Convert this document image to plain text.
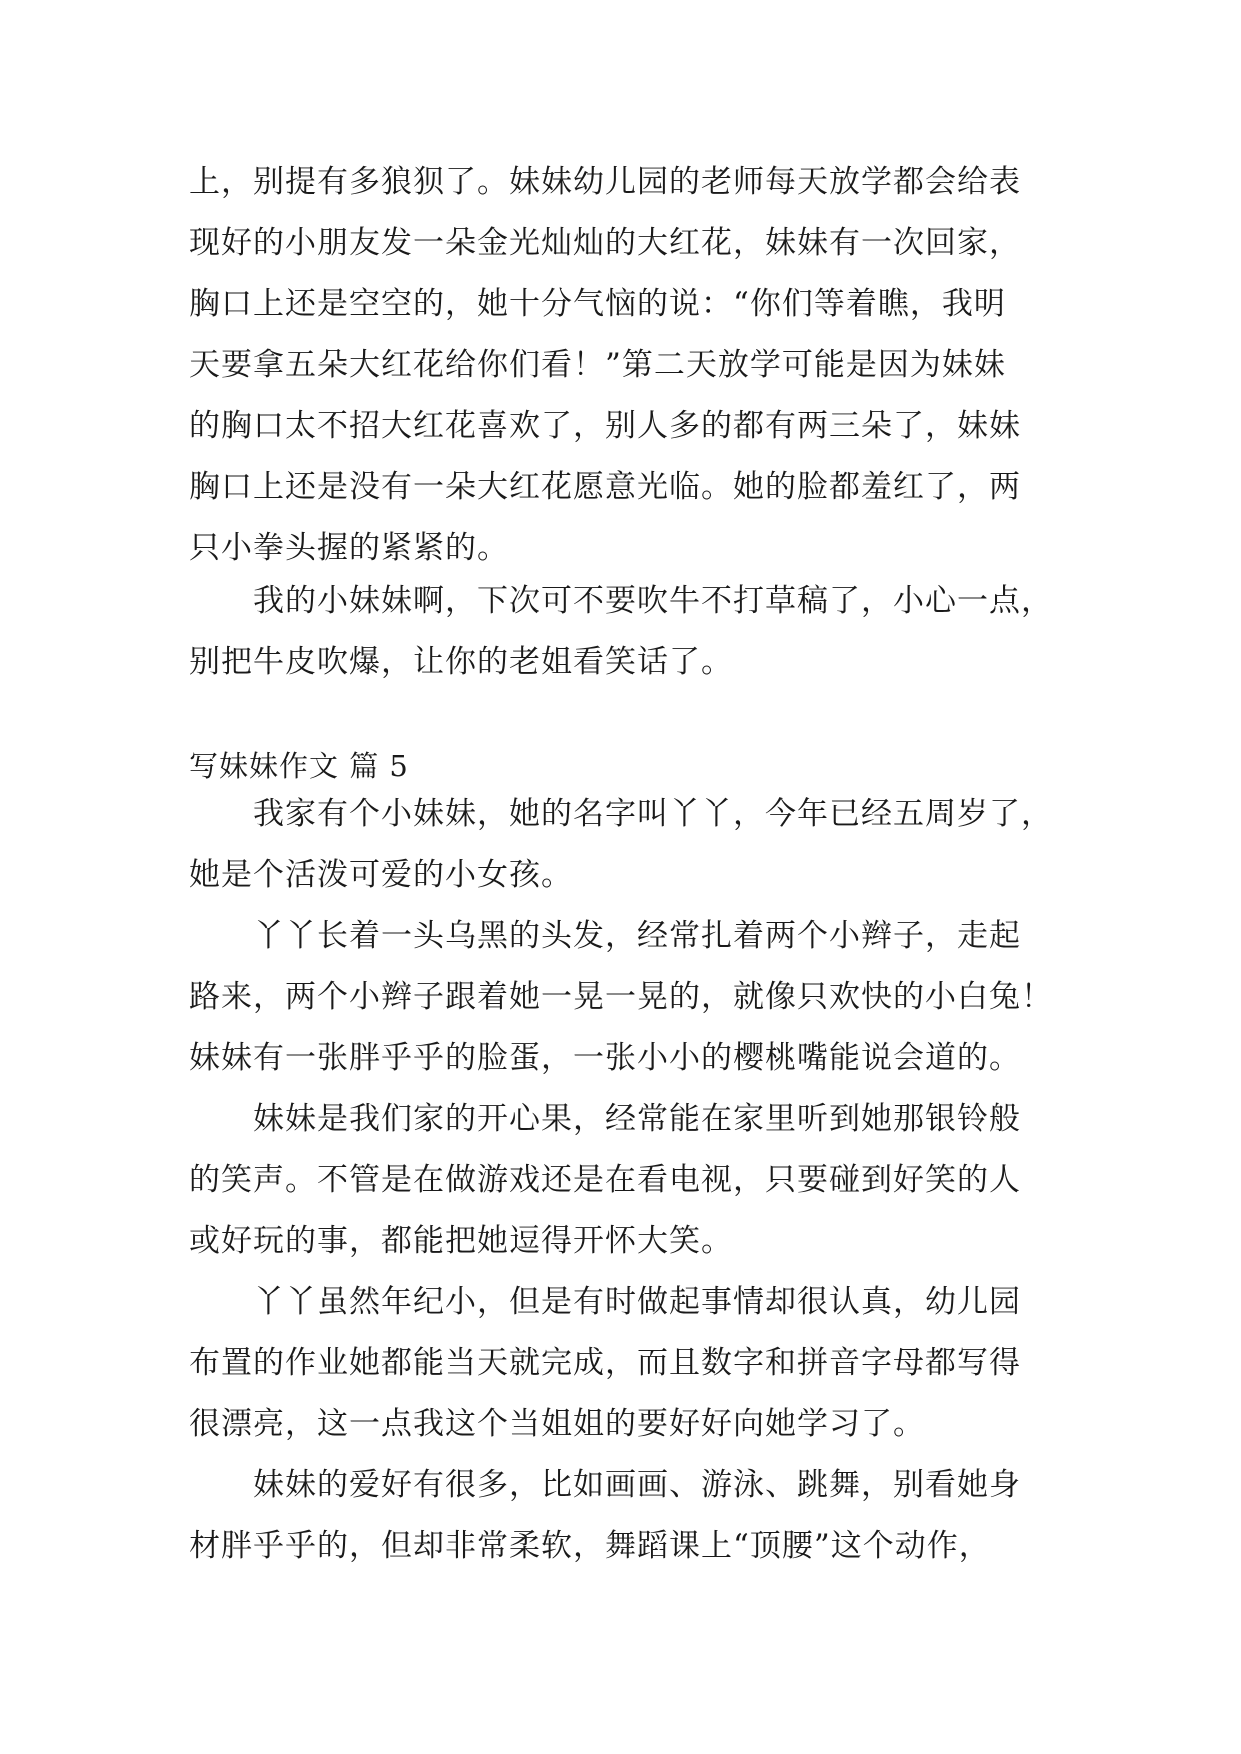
上，别提有多狼狈了。妹妹幼儿园的老师每天放学都会给表
现好的小朋友发一朵金光灿灿的大红花，妹妹有一次回家，
胸口上还是空空的，她十分气恼的说：“你们等着瞧，我明
天要拿五朵大红花给你们看！”第二天放学可能是因为妹妹
的胸口太不招大红花喜欢了，别人多的都有两三朵了，妹妹
胸口上还是没有一朵大红花愿意光临。她的脸都羞红了，两
只小拳头握的紧紧的。
我的小妹妹啊，下次可不要吹牛不打草稿了，小心一点，
别把牛皮吹爆，让你的老姐看笑话了。
写妹妹作文 篇 5
我家有个小妹妹，她的名字叫丫丫，今年已经五周岁了，
她是个活泼可爱的小女孩。
丫丫长着一头乌黑的头发，经常扎着两个小辫子，走起
路来，两个小辫子跟着她一晃一晃的，就像只欢快的小白兔！
妹妹有一张胖乎乎的脸蛋，一张小小的樱桃嘴能说会道的。
妹妹是我们家的开心果，经常能在家里听到她那银铃般
的笑声。不管是在做游戏还是在看电视，只要碰到好笑的人
或好玩的事，都能把她逗得开怀大笑。
丫丫虽然年纪小，但是有时做起事情却很认真，幼儿园
布置的作业她都能当天就完成，而且数字和拼音字母都写得
很漂亮，这一点我这个当姐姐的要好好向她学习了。
妹妹的爱好有很多，比如画画、游泳、跳舞，别看她身
材胖乎乎的，但却非常柔软，舞蹈课上“顶腰”这个动作，
